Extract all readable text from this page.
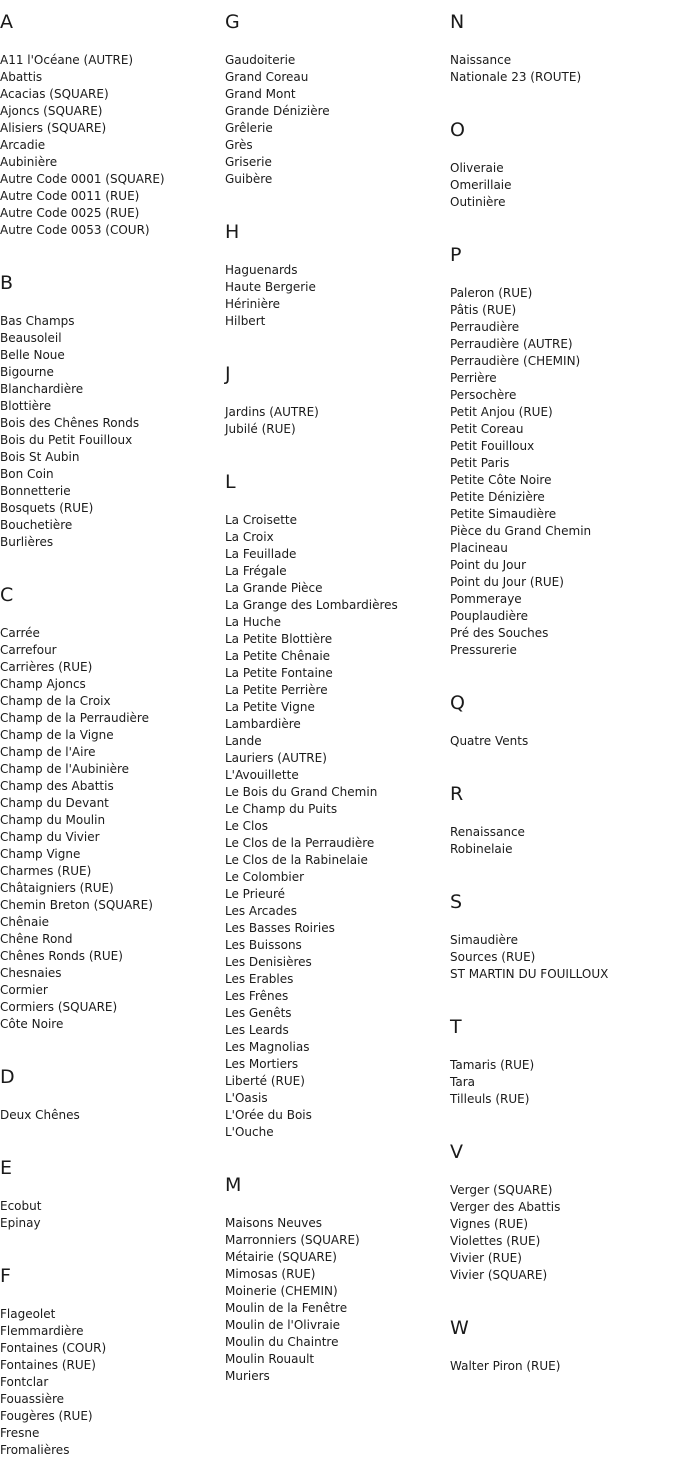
A
A11 l'Océane (AUTRE)
Abattis
Acacias (SQUARE)
Ajoncs (SQUARE)
Alisiers (SQUARE)
Arcadie
Aubinière
Autre Code 0001 (SQUARE)
Autre Code 0011 (RUE)
Autre Code 0025 (RUE)
Autre Code 0053 (COUR)
B
Bas Champs
Beausoleil
Belle Noue
Bigourne
Blanchardière
Blottière
Bois des Chênes Ronds
Bois du Petit Fouilloux
Bois St Aubin
Bon Coin
Bonnetterie
Bosquets (RUE)
Bouchetière
Burlières
C
Carrée
Carrefour
Carrières (RUE)
Champ Ajoncs
Champ de la Croix
Champ de la Perraudière
Champ de la Vigne
Champ de l'Aire
Champ de l'Aubinière
Champ des Abattis
Champ du Devant
Champ du Moulin
Champ du Vivier
Champ Vigne
Charmes (RUE)
Châtaigniers (RUE)
Chemin Breton (SQUARE)
Chênaie
Chêne Rond
Chênes Ronds (RUE)
Chesnaies
Cormier
Cormiers (SQUARE)
Côte Noire
D
Deux Chênes
E
Ecobut
Epinay
F
Flageolet
Flemmardière
Fontaines (COUR)
Fontaines (RUE)
Fontclar
Fouassière
Fougères (RUE)
Fresne
Fromalières
G
Gaudoiterie
Grand Coreau
Grand Mont
Grande Dénizière
Grêlerie
Grès
Griserie
Guibère
H
Haguenards
Haute Bergerie
Hérinière
Hilbert
J
Jardins (AUTRE)
Jubilé (RUE)
L
La Croisette
La Croix
La Feuillade
La Frégale
La Grande Pièce
La Grange des Lombardières
La Huche
La Petite Blottière
La Petite Chênaie
La Petite Fontaine
La Petite Perrière
La Petite Vigne
Lambardière
Lande
Lauriers (AUTRE)
L'Avouillette
Le Bois du Grand Chemin
Le Champ du Puits
Le Clos
Le Clos de la Perraudière
Le Clos de la Rabinelaie
Le Colombier
Le Prieuré
Les Arcades
Les Basses Roiries
Les Buissons
Les Denisières
Les Erables
Les Frênes
Les Genêts
Les Leards
Les Magnolias
Les Mortiers
Liberté (RUE)
L'Oasis
L'Orée du Bois
L'Ouche
M
Maisons Neuves
Marronniers (SQUARE)
Métairie (SQUARE)
Mimosas (RUE)
Moinerie (CHEMIN)
Moulin de la Fenêtre
Moulin de l'Olivraie
Moulin du Chaintre
Moulin Rouault
Muriers
N
Naissance
Nationale 23 (ROUTE)
O
Oliveraie
Omerillaie
Outinière
P
Paleron (RUE)
Pâtis (RUE)
Perraudière
Perraudière (AUTRE)
Perraudière (CHEMIN)
Perrière
Persochère
Petit Anjou (RUE)
Petit Coreau
Petit Fouilloux
Petit Paris
Petite Côte Noire
Petite Dénizière
Petite Simaudière
Pièce du Grand Chemin
Placineau
Point du Jour
Point du Jour (RUE)
Pommeraye
Pouplaudière
Pré des Souches
Pressurerie
Q
Quatre Vents
R
Renaissance
Robinelaie
S
Simaudière
Sources (RUE)
ST MARTIN DU FOUILLOUX
T
Tamaris (RUE)
Tara
Tilleuls (RUE)
V
Verger (SQUARE)
Verger des Abattis
Vignes (RUE)
Violettes (RUE)
Vivier (RUE)
Vivier (SQUARE)
W
Walter Piron (RUE)
